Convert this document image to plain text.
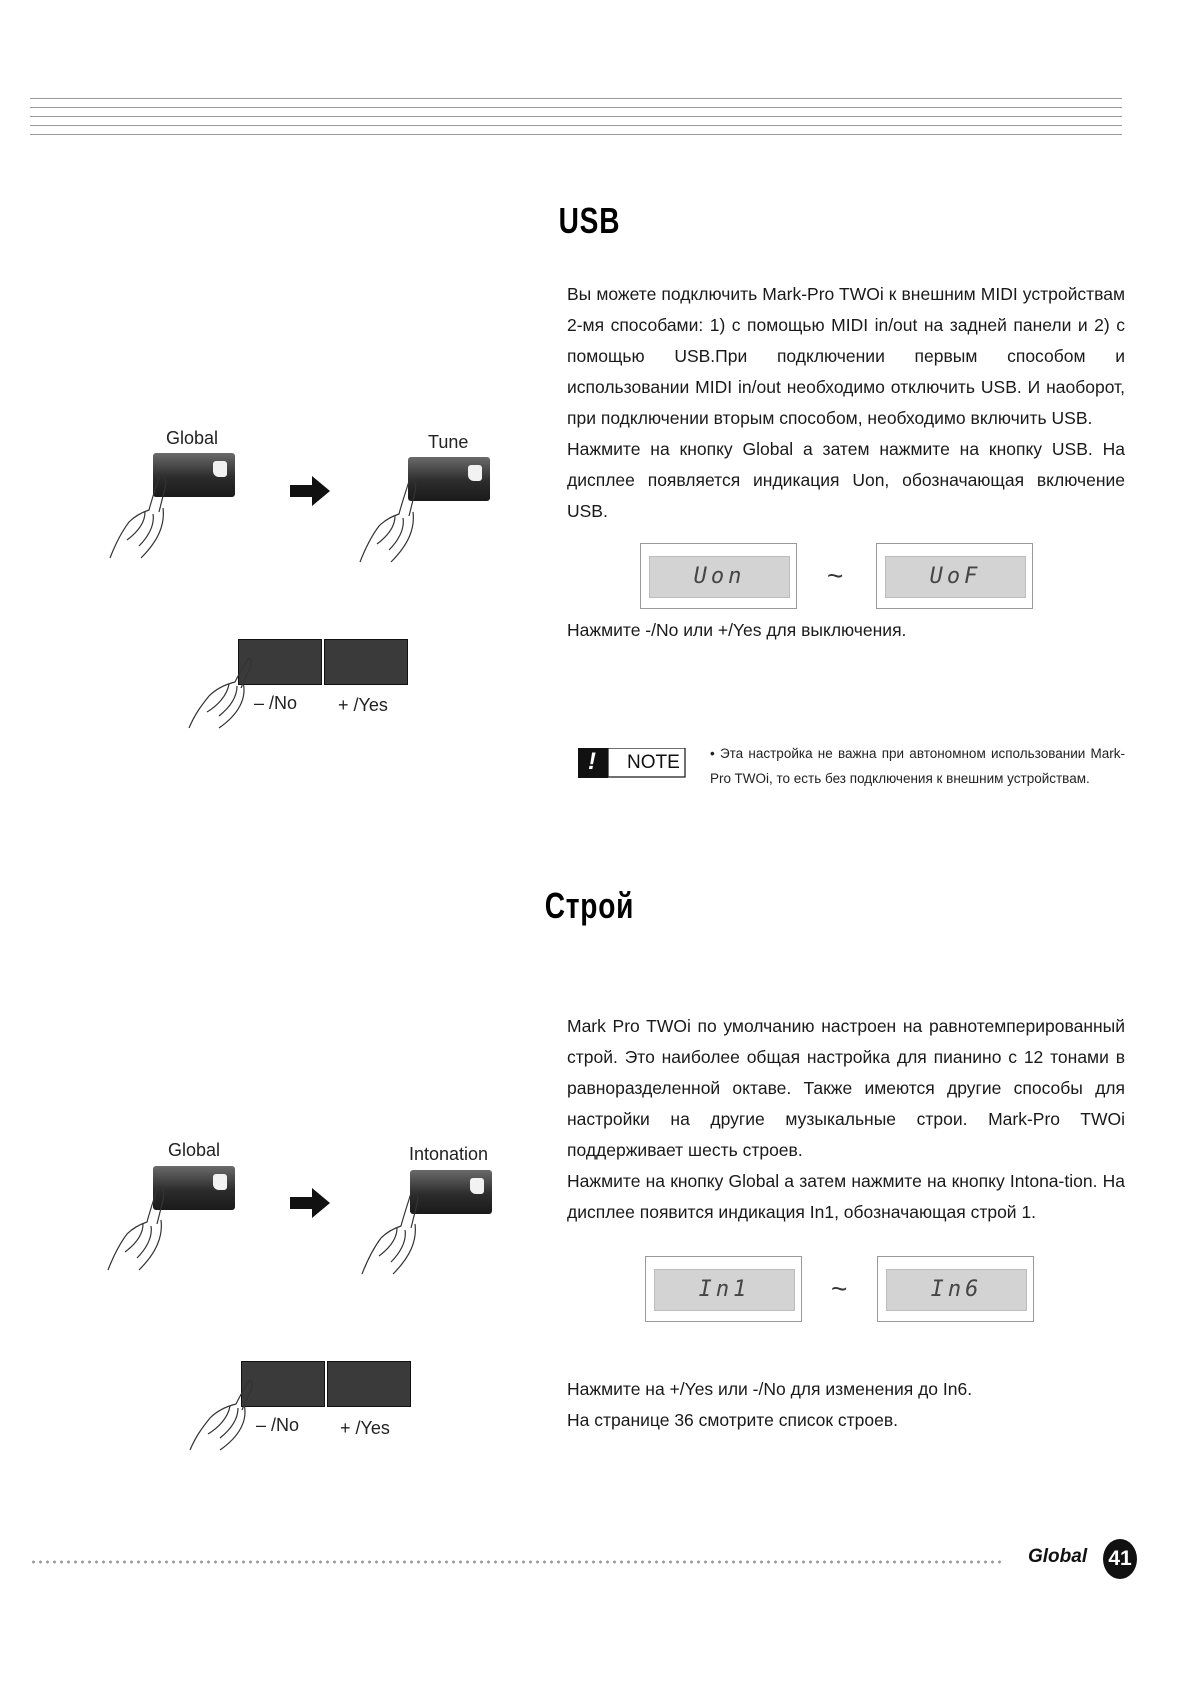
USB
Global	Tune
– /No + /Yes

Вы можете подключить Mark-Pro TWOi к внешним MIDI устройствам 2-мя способами: 1) с помощью MIDI in/out на задней панели и 2) с помощью USB.При подключении первым способом и использовании MIDI in/out необходимо отключить USB. И наоборот, при подключении вторым способом, необходимо включить USB.

Нажмите на кнопку Global а затем нажмите на кнопку USB. На дисплее появляется индикация Uon, обозначающая включение USB.

Uon	~	UoF
Нажмите -/No или +/Yes для выключения.
! NOTE • Эта настройка не важна при автономном использовании Mark-Pro TWOi, то есть без подключения к внешним устройствам.
Строй
Global	Intonation
– /No + /Yes

Mark Pro TWOi по умолчанию настроен на равнотемперированный строй. Это наиболее общая настройка для пианино с 12 тонами в равноразделенной октаве. Также имеются другие способы для настройки на другие музыкальные строи. Mark-Pro TWOi поддерживает шесть строев.

Нажмите на кнопку Global а затем нажмите на кнопку Intona-tion. На дисплее появится индикация In1, обозначающая строй 1.

In1	~	In6

Нажмите на +/Yes или -/No для изменения до In6.

На странице 36 смотрите список строев.

Global 41
